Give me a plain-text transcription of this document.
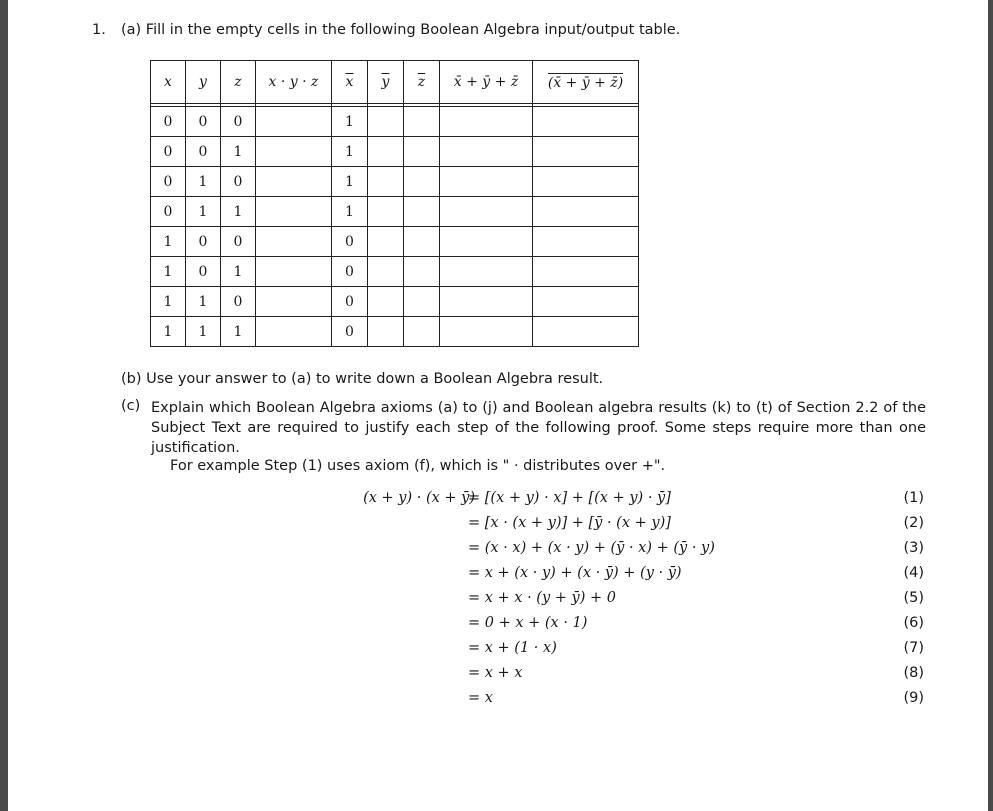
1. (a) Fill in the empty cells in the following Boolean Algebra input/output table.
x	y	z	x · y · z	$\overline{x}$	$\overline{y}$	$\overline{z}$	x̄ + ȳ + z̄	(x̄ + ȳ + z̄)

0	0	0		1				
0	0	1		1				
0	1	0		1				
0	1	1		1				
1	0	0		0				
1	0	1		0				
1	1	0		0				
1	1	1		0				
(b) Use your answer to (a) to write down a Boolean Algebra result.
(c) Explain which Boolean Algebra axioms (a) to (j) and Boolean algebra results (k) to (t) of Section 2.2 of the Subject Text are required to justify each step of the following proof. Some steps require more than one justification.
For example Step (1) uses axiom (f), which is " · distributes over +".
(x + y) · (x + ȳ)
= [(x + y) · x] + [(x + y) · ȳ]	(1)
= [x · (x + y)] + [ȳ · (x + y)]	(2)
= (x · x) + (x · y) + (ȳ · x) + (ȳ · y)	(3)
= x + (x · y) + (x · ȳ) + (y · ȳ)	(4)
= x + x · (y + ȳ) + 0	(5)
= 0 + x + (x · 1)	(6)
= x + (1 · x)	(7)
= x + x	(8)
= x	(9)
